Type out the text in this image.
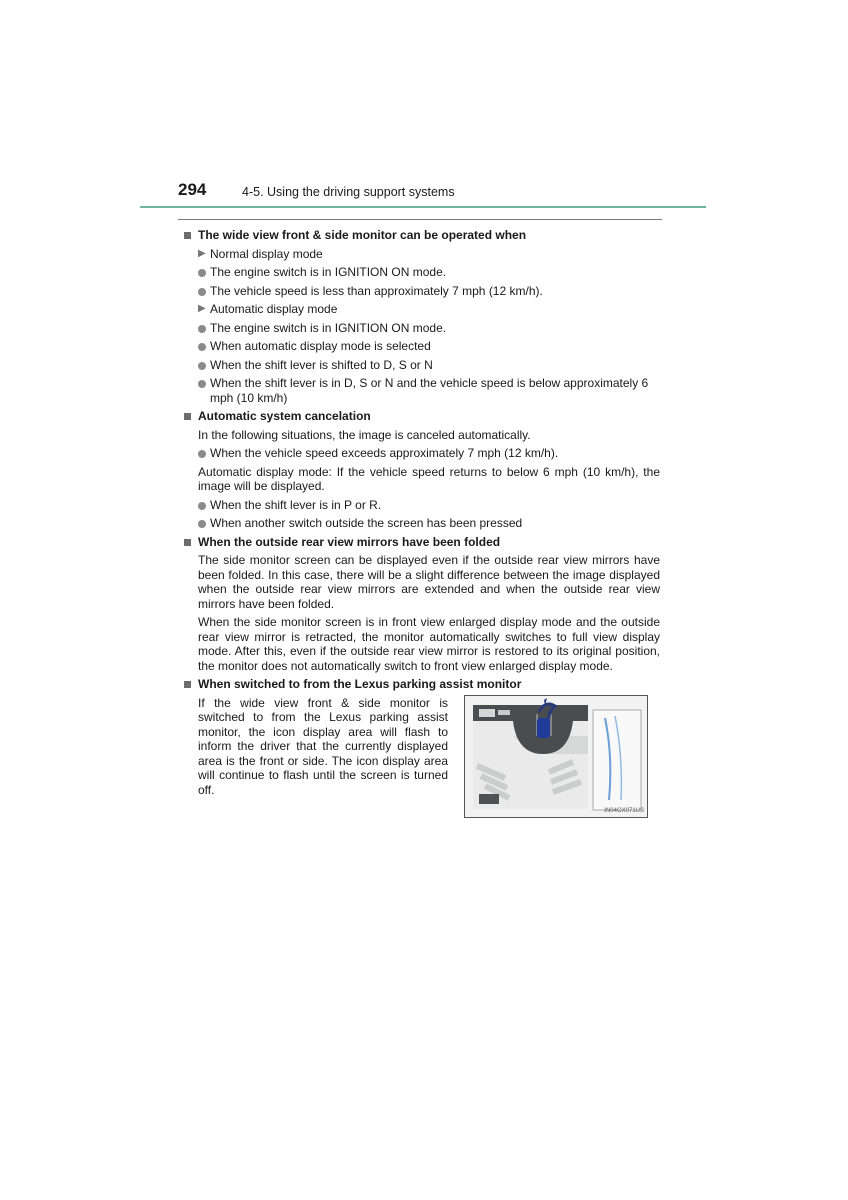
294	4-5. Using the driving support systems
The wide view front & side monitor can be operated when
▶ Normal display mode
The engine switch is in IGNITION ON mode.
The vehicle speed is less than approximately 7 mph (12 km/h).
▶ Automatic display mode
The engine switch is in IGNITION ON mode.
When automatic display mode is selected
When the shift lever is shifted to D, S or N
When the shift lever is in D, S or N and the vehicle speed is below approximately 6 mph (10 km/h)
Automatic system cancelation
In the following situations, the image is canceled automatically.
When the vehicle speed exceeds approximately 7 mph (12 km/h).
Automatic display mode: If the vehicle speed returns to below 6 mph (10 km/h), the image will be displayed.
When the shift lever is in P or R.
When another switch outside the screen has been pressed
When the outside rear view mirrors have been folded
The side monitor screen can be displayed even if the outside rear view mirrors have been folded. In this case, there will be a slight difference between the image displayed when the outside rear view mirrors are extended and when the outside rear view mirrors have been folded.
When the side monitor screen is in front view enlarged display mode and the outside rear view mirror is retracted, the monitor automatically switches to full view display mode. After this, even if the outside rear view mirror is restored to its original position, the monitor does not automatically switch to front view enlarged display mode.
When switched to from the Lexus parking assist monitor
If the wide view front & side monitor is switched to from the Lexus parking assist monitor, the icon display area will flash to inform the driver that the currently displayed area is the front or side. The icon display area will continue to flash until the screen is turned off.
IN04GX071US
